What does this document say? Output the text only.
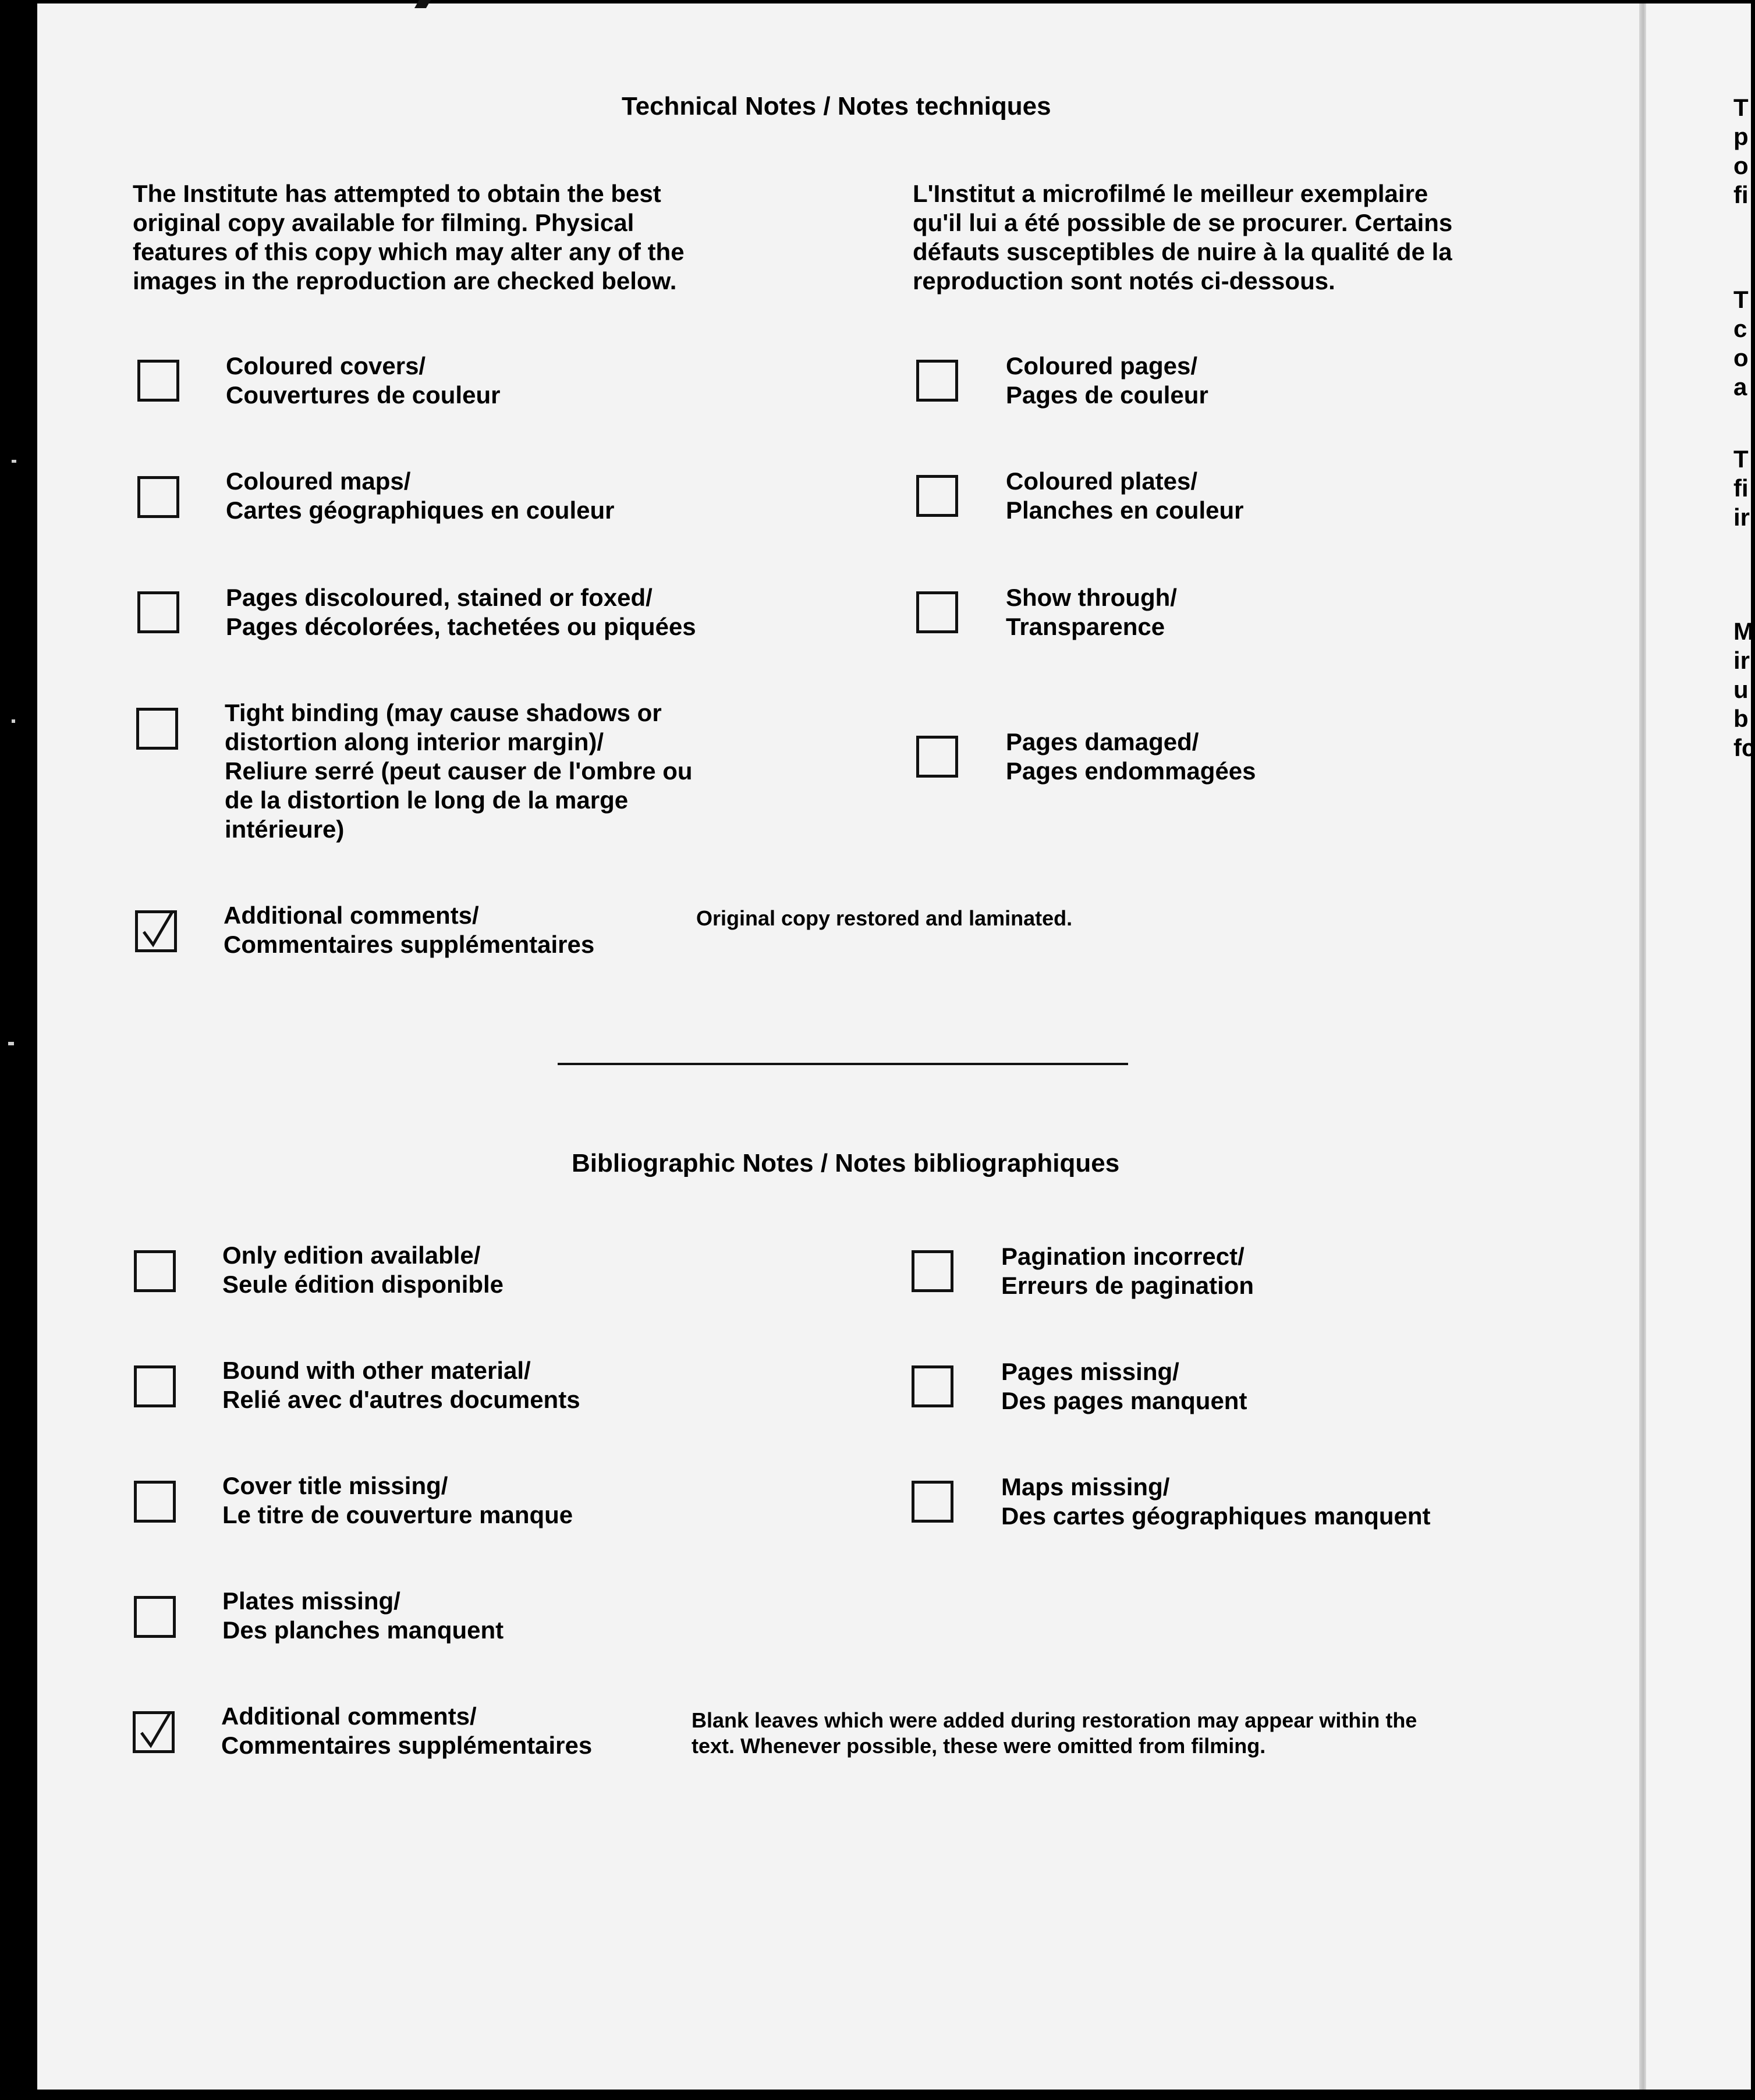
Technical Notes / Notes techniques
The Institute has attempted to obtain the best
original copy available for filming. Physical
features of this copy which may alter any of the
images in the reproduction are checked below.
L'Institut a microfilmé le meilleur exemplaire
qu'il lui a été possible de se procurer. Certains
défauts susceptibles de nuire à la qualité de la
reproduction sont notés ci-dessous.
Coloured covers/
Couvertures de couleur
Coloured maps/
Cartes géographiques en couleur
Pages discoloured, stained or foxed/
Pages décolorées, tachetées ou piquées
Tight binding (may cause shadows or
distortion along interior margin)/
Reliure serré (peut causer de l'ombre ou
de la distortion le long de la marge
intérieure)
Coloured pages/
Pages de couleur
Coloured plates/
Planches en couleur
Show through/
Transparence
Pages damaged/
Pages endommagées
Additional comments/
Commentaires supplémentaires
Original copy restored and laminated.
Bibliographic Notes / Notes bibliographiques
Only edition available/
Seule édition disponible
Bound with other material/
Relié avec d'autres documents
Cover title missing/
Le titre de couverture manque
Plates missing/
Des planches manquent
Pagination incorrect/
Erreurs de pagination
Pages missing/
Des pages manquent
Maps missing/
Des cartes géographiques manquent
Additional comments/
Commentaires supplémentaires
Blank leaves which were added during restoration may appear within the
text. Whenever possible, these were omitted from filming.
T
p
o
fi
T
c
o
a
T
fi
ir
M
ir
u
b
fc
